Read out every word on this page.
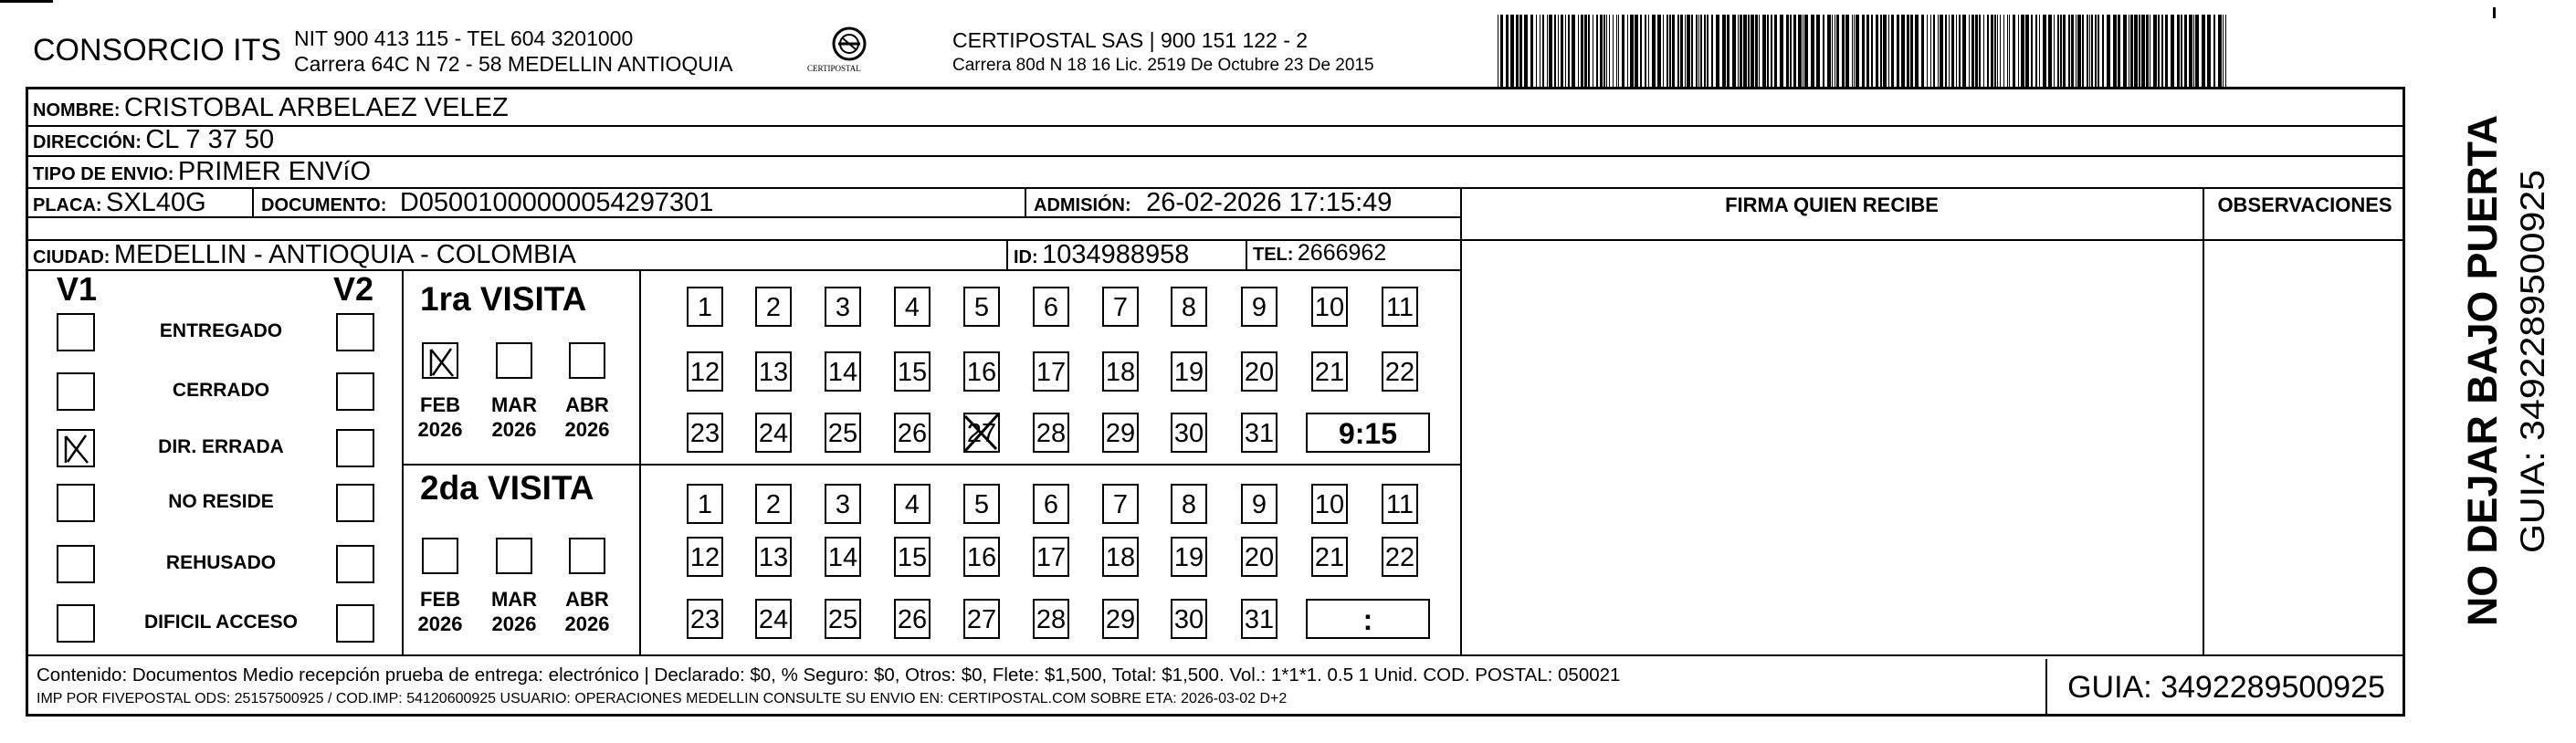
CONSORCIO ITS NIT 900 413 115 - TEL 604 3201000
Carrera 64C N 72 - 58 MEDELLIN ANTIOQUIA	CERTIPOSTAL
CERTIPOSTAL SAS | 900 151 122 - 2
Carrera 80d N 18 16 Lic. 2519 De Octubre 23 De 2015
NOMBRE: CRISTOBAL ARBELAEZ VELEZ
DIRECCIÓN: CL 7 37 50
TIPO DE ENVIO: PRIMER ENVíO
PLACA: SXL40G	DOCUMENTO: D05001000000054297301	ADMISIÓN: 26-02-2026 17:15:49
CIUDAD: MEDELLIN - ANTIOQUIA - COLOMBIA	ID: 1034988958	TEL: 2666962
FIRMA QUIEN RECIBE	OBSERVACIONES
V1	V2
ENTREGADO
CERRADO
DIR. ERRADA
NO RESIDE
REHUSADO
DIFICIL ACCESO
1ra VISITA
FEB
2026
MAR
2026
ABR
2026
1	2	3	4	5	6	7	8	9	10 11
12 13 14 15 16 17 18 19 20 21 22
23 24 25 26 27 28 29 30 31	9:15
2da VISITA
FEB
2026
MAR
2026
ABR
2026
1	2	3	4	5	6	7	8	9	10 11
12 13 14 15 16 17 18 19 20 21 22
23 24 25 26 27 28 29 30 31	:
Contenido: Documentos Medio recepción prueba de entrega: electrónico | Declarado: $0, % Seguro: $0, Otros: $0, Flete: $1,500, Total: $1,500. Vol.: 1*1*1. 0.5 1 Unid. COD. POSTAL: 050021
IMP POR FIVEPOSTAL ODS: 25157500925 / COD.IMP: 54120600925 USUARIO: OPERACIONES MEDELLIN CONSULTE SU ENVIO EN: CERTIPOSTAL.COM SOBRE ETA: 2026-03-02 D+2	GUIA: 3492289500925
NO DEJAR BAJO PUERTA GUIA: 3492289500925
